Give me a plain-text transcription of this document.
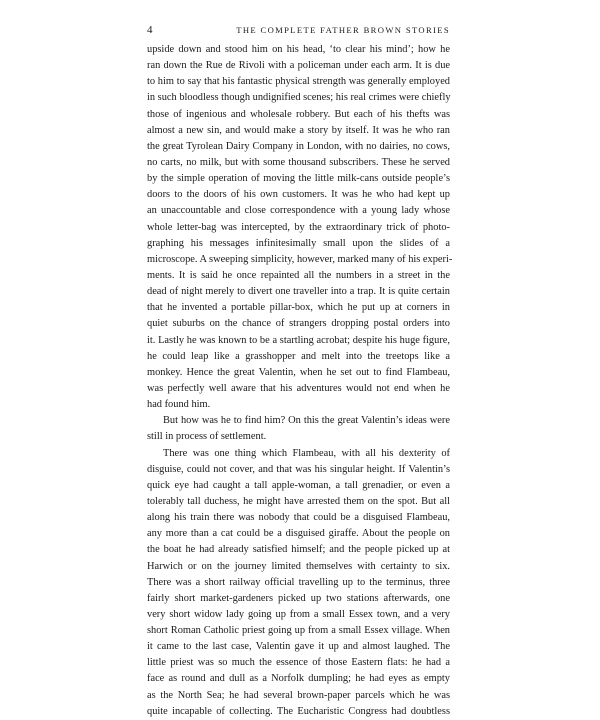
4	THE COMPLETE FATHER BROWN STORIES
upside down and stood him on his head, ‘to clear his mind’; how he
ran down the Rue de Rivoli with a policeman under each arm. It is due
to him to say that his fantastic physical strength was generally employed
in such bloodless though undignified scenes; his real crimes were chiefly
those of ingenious and wholesale robbery. But each of his thefts was
almost a new sin, and would make a story by itself. It was he who ran
the great Tyrolean Dairy Company in London, with no dairies, no cows,
no carts, no milk, but with some thousand subscribers. These he served
by the simple operation of moving the little milk-cans outside people’s
doors to the doors of his own customers. It was he who had kept up
an unaccountable and close correspondence with a young lady whose
whole letter-bag was intercepted, by the extraordinary trick of photo-
graphing his messages infinitesimally small upon the slides of a
microscope. A sweeping simplicity, however, marked many of his experi-
ments. It is said he once repainted all the numbers in a street in the
dead of night merely to divert one traveller into a trap. It is quite certain
that he invented a portable pillar-box, which he put up at corners in
quiet suburbs on the chance of strangers dropping postal orders into
it. Lastly he was known to be a startling acrobat; despite his huge figure,
he could leap like a grasshopper and melt into the treetops like a
monkey. Hence the great Valentin, when he set out to find Flambeau,
was perfectly well aware that his adventures would not end when he
had found him.
But how was he to find him? On this the great Valentin’s ideas were
still in process of settlement.
There was one thing which Flambeau, with all his dexterity of
disguise, could not cover, and that was his singular height. If Valentin’s
quick eye had caught a tall apple-woman, a tall grenadier, or even a
tolerably tall duchess, he might have arrested them on the spot. But all
along his train there was nobody that could be a disguised Flambeau,
any more than a cat could be a disguised giraffe. About the people on
the boat he had already satisfied himself; and the people picked up at
Harwich or on the journey limited themselves with certainty to six.
There was a short railway official travelling up to the terminus, three
fairly short market-gardeners picked up two stations afterwards, one
very short widow lady going up from a small Essex town, and a very
short Roman Catholic priest going up from a small Essex village. When
it came to the last case, Valentin gave it up and almost laughed. The
little priest was so much the essence of those Eastern flats: he had a
face as round and dull as a Norfolk dumpling; he had eyes as empty
as the North Sea; he had several brown-paper parcels which he was
quite incapable of collecting. The Eucharistic Congress had doubtless
